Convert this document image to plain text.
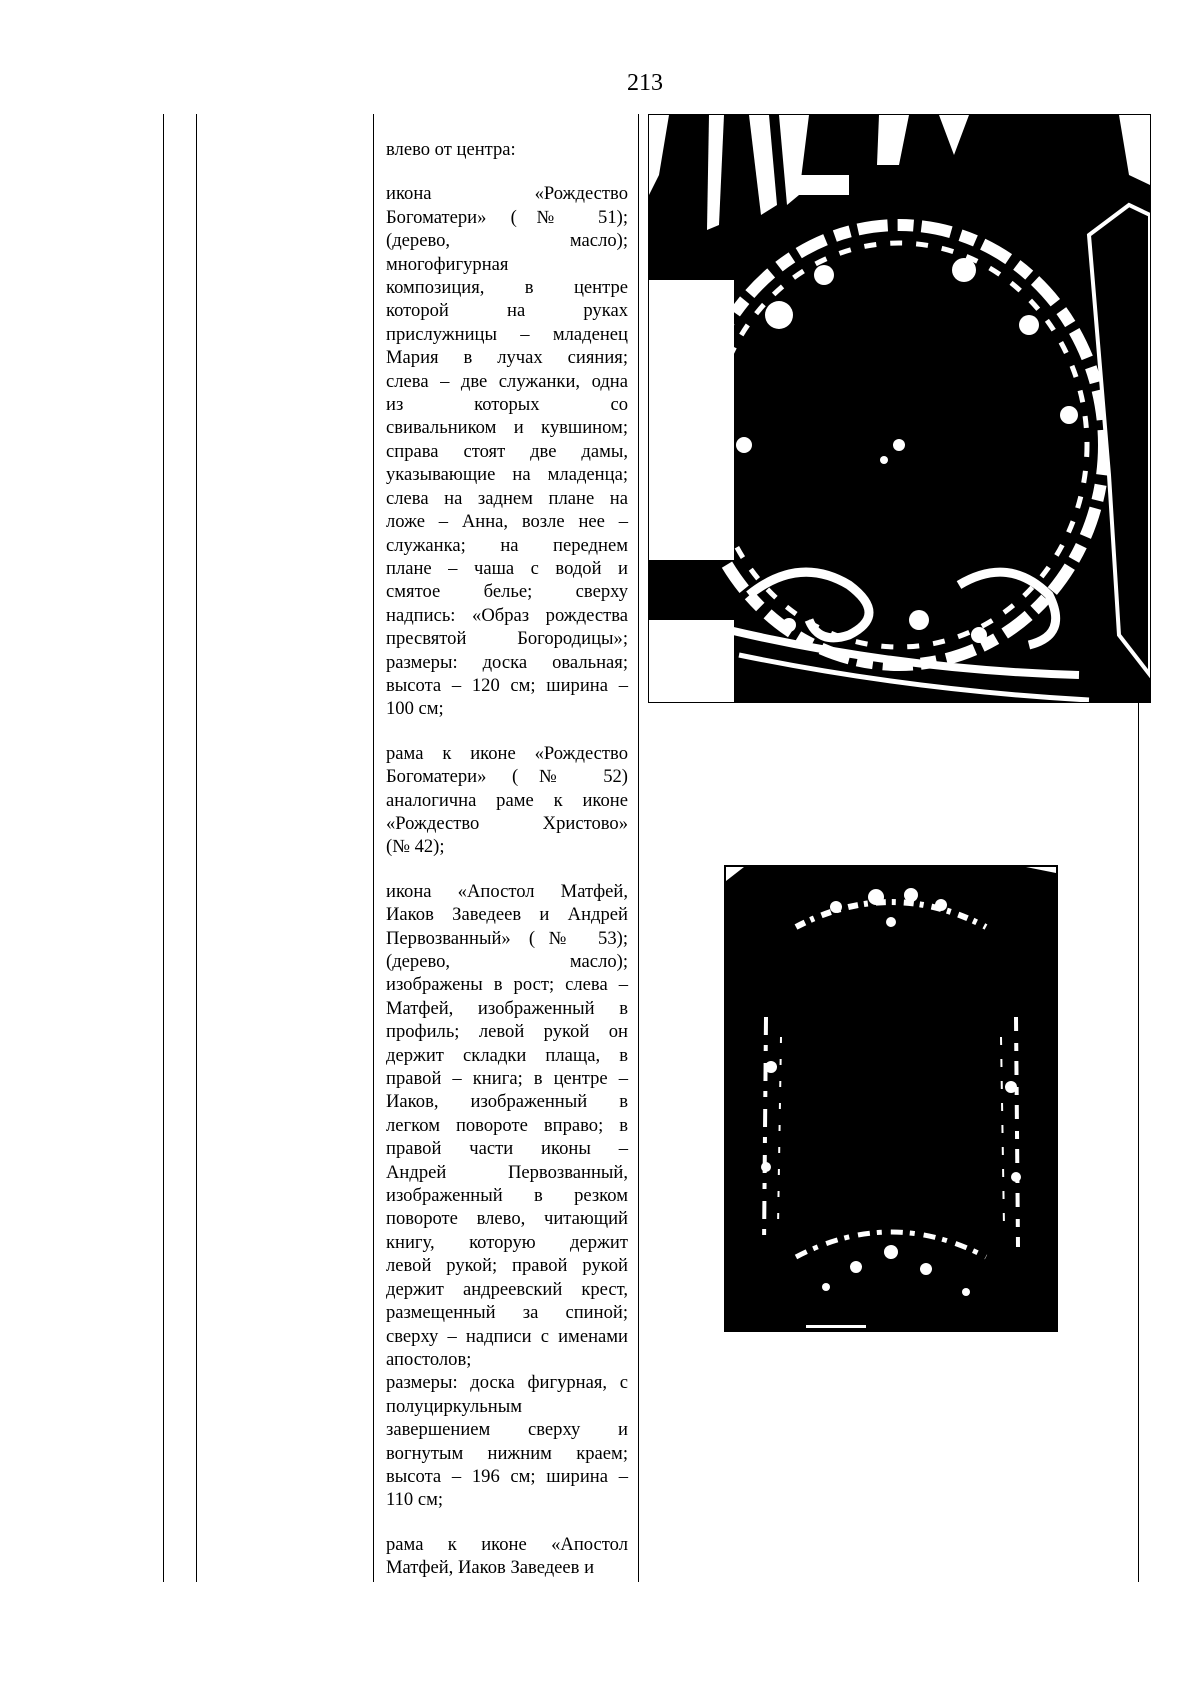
213

влево от центра:

икона «Рождество
Богоматери» (№ 51);
(дерево, масло);
многофигурная
композиция, в центре
которой на руках
прислужницы – младенец
Мария в лучах сияния;
слева – две служанки, одна
из которых со
свивальником и кувшином;
справа стоят две дамы,
указывающие на младенца;
слева на заднем плане на
ложе – Анна, возле нее –
служанка; на переднем
плане – чаша с водой и
смятое белье; сверху
надпись: «Образ рождества
пресвятой Богородицы»;
размеры: доска овальная;
высота – 120 см; ширина –
100 см;

рама к иконе «Рождество
Богоматери» (№ 52)
аналогична раме к иконе
«Рождество Христово»
(№ 42);

икона «Апостол Матфей,
Иаков Заведеев и Андрей
Первозванный» (№ 53);
(дерево, масло);
изображены в рост; слева –
Матфей, изображенный в
профиль; левой рукой он
держит складки плаща, в
правой – книга; в центре –
Иаков, изображенный в
легком повороте вправо; в
правой части иконы –
Андрей Первозванный,
изображенный в резком
повороте влево, читающий
книгу, которую держит
левой рукой; правой рукой
держит андреевский крест,
размещенный за спиной;
сверху – надписи с именами
апостолов;
размеры: доска фигурная, с
полуциркульным
завершением сверху и
вогнутым нижним краем;
высота – 196 см; ширина –
110 см;

рама к иконе «Апостол
Матфей, Иаков Заведеев и
